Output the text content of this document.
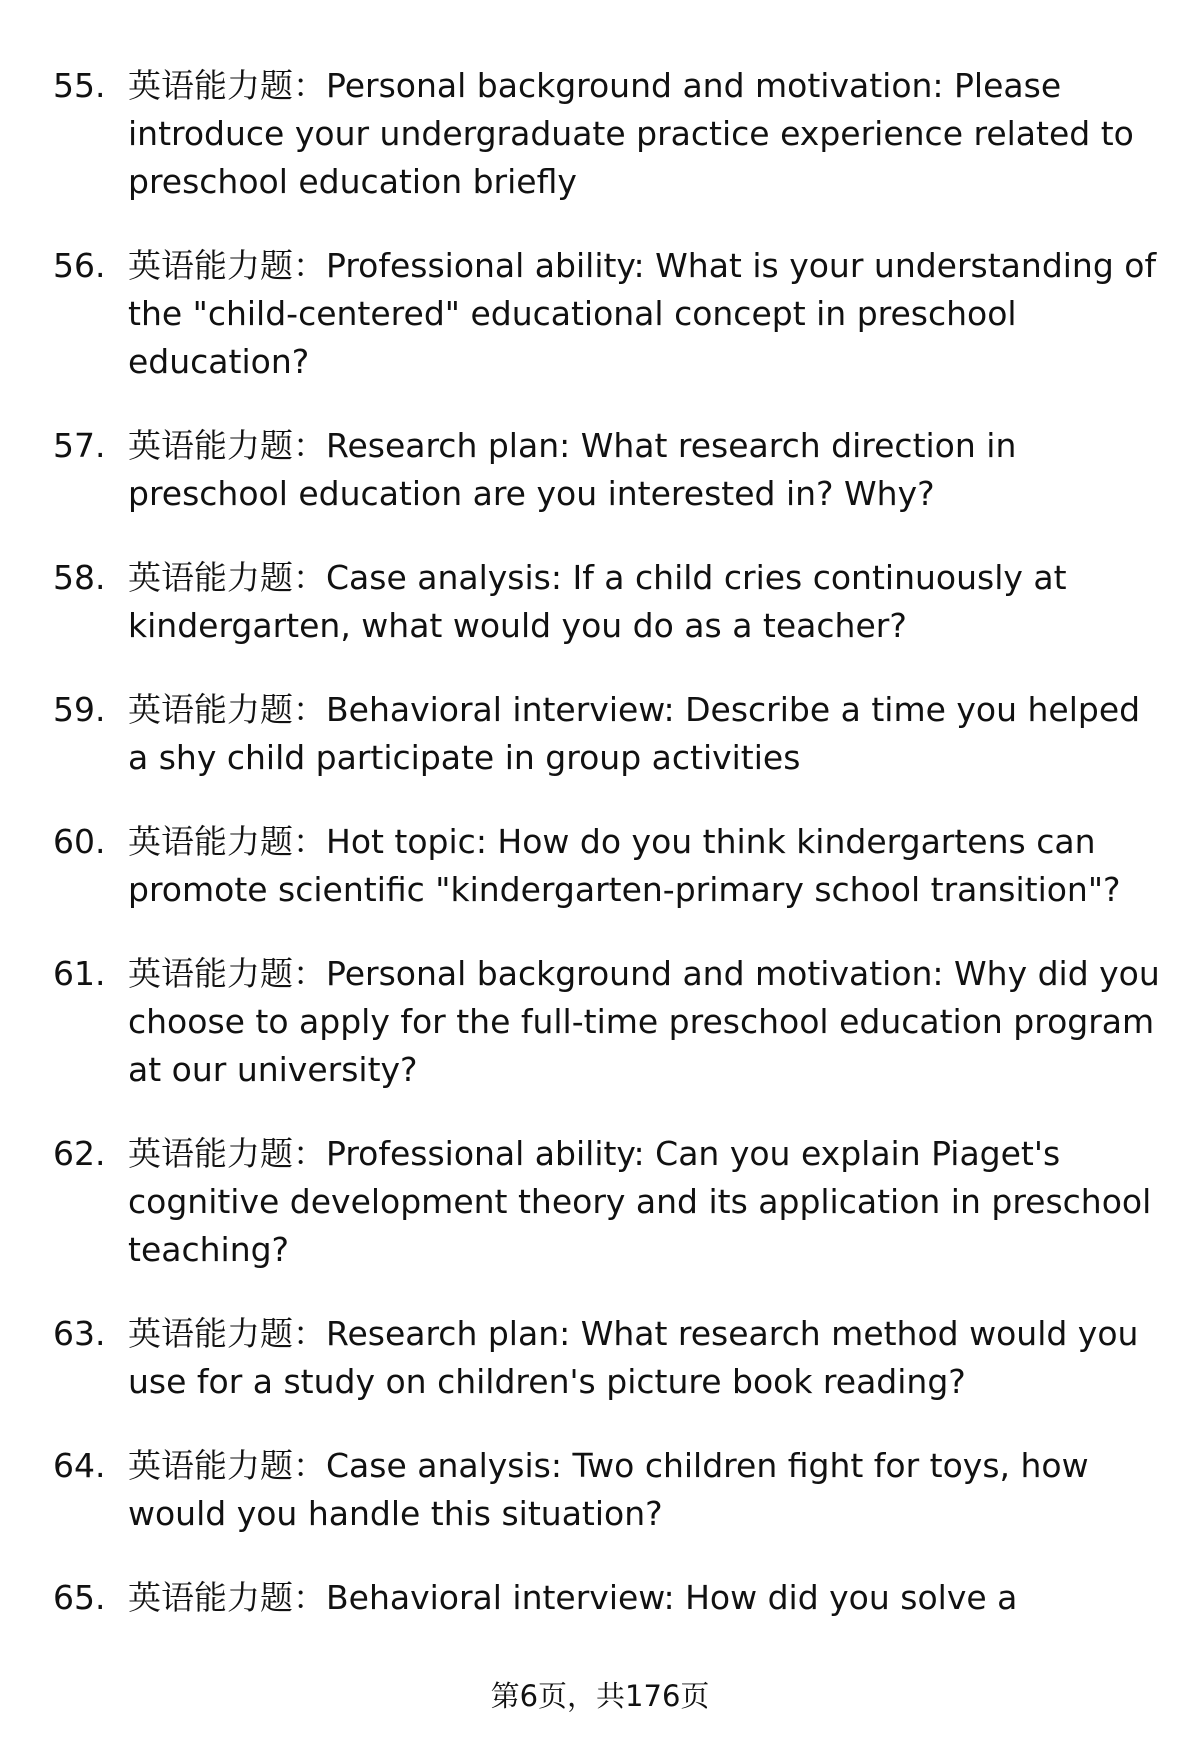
55. 英语能力题：Personal background and motivation: Please introduce your undergraduate practice experience related to preschool education briefly
56. 英语能力题：Professional ability: What is your understanding of the "child-centered" educational concept in preschool education?
57. 英语能力题：Research plan: What research direction in preschool education are you interested in? Why?
58. 英语能力题：Case analysis: If a child cries continuously at kindergarten, what would you do as a teacher?
59. 英语能力题：Behavioral interview: Describe a time you helped a shy child participate in group activities
60. 英语能力题：Hot topic: How do you think kindergartens can promote scientific "kindergarten-primary school transition"?
61. 英语能力题：Personal background and motivation: Why did you choose to apply for the full-time preschool education program at our university?
62. 英语能力题：Professional ability: Can you explain Piaget's cognitive development theory and its application in preschool teaching?
63. 英语能力题：Research plan: What research method would you use for a study on children's picture book reading?
64. 英语能力题：Case analysis: Two children fight for toys, how would you handle this situation?
65. 英语能力题：Behavioral interview: How did you solve a
第6页，共176页
